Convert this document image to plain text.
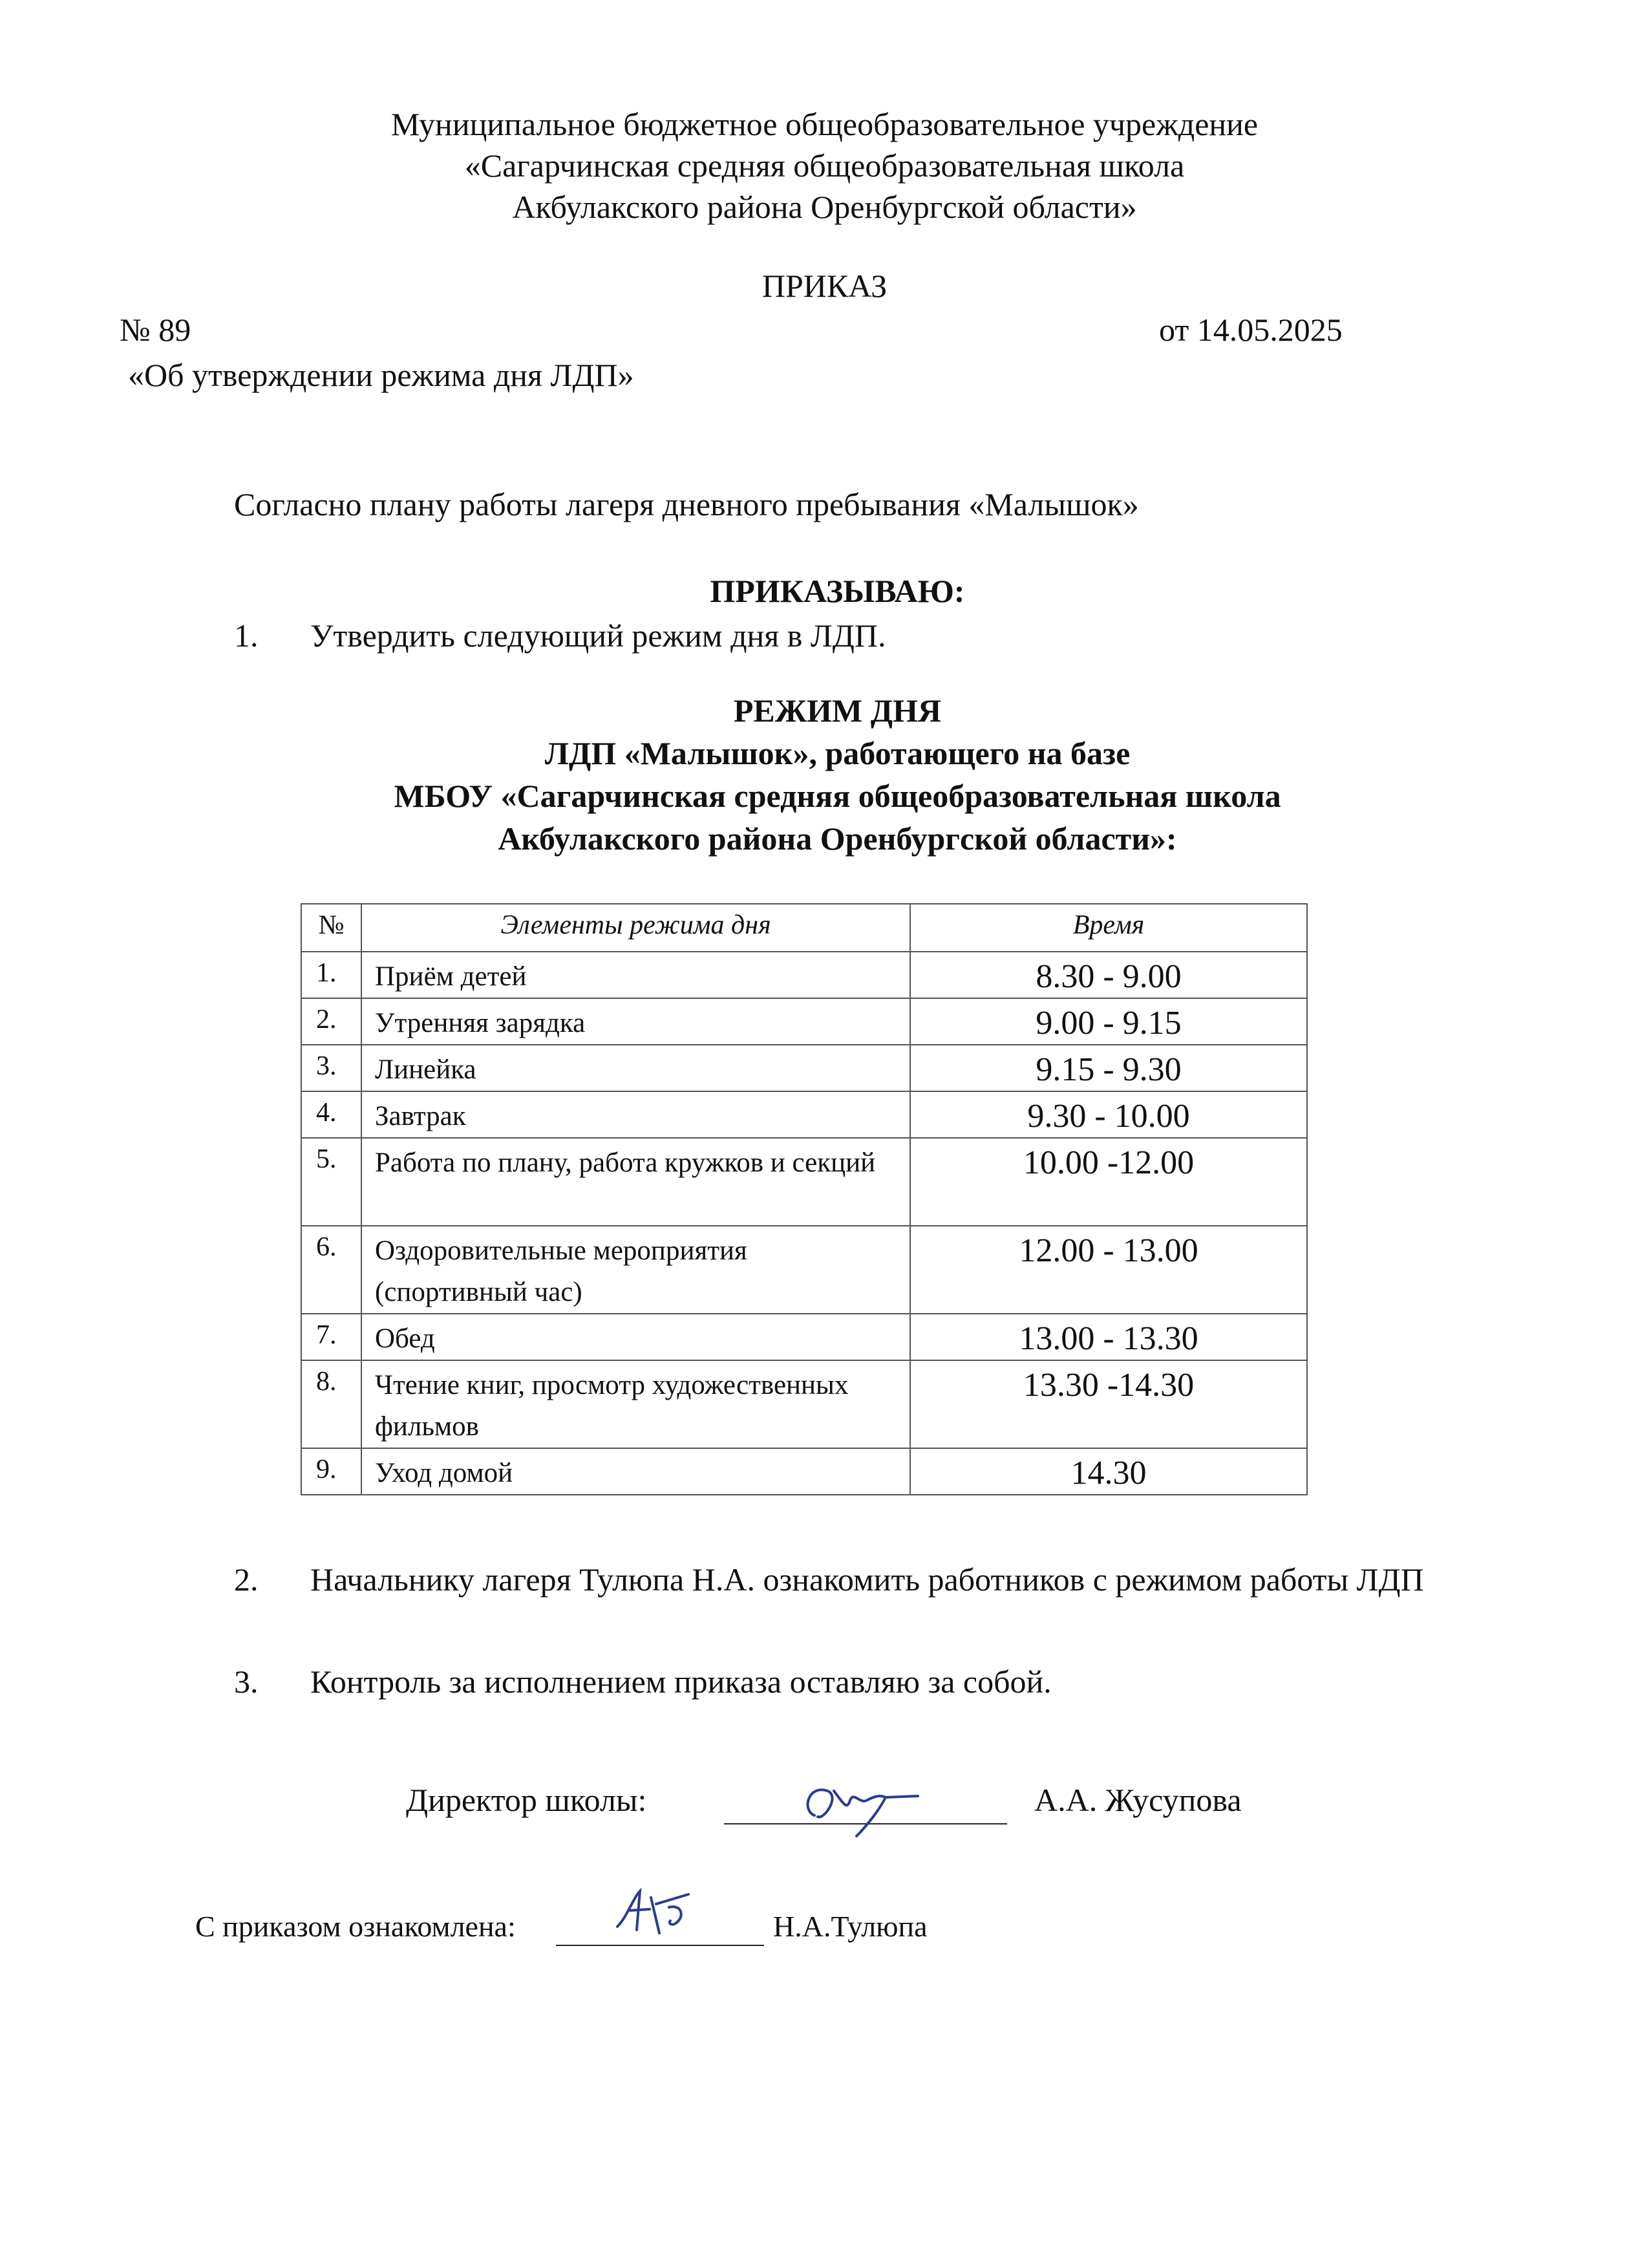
Муниципальное бюджетное общеобразовательное учреждение
«Сагарчинская средняя общеобразовательная школа
Акбулакского района Оренбургской области»
ПРИКАЗ
№ 89	от 14.05.2025
«Об утверждении режима дня ЛДП»
Согласно плану работы лагеря дневного пребывания «Малышок»
ПРИКАЗЫВАЮ:
1. Утвердить следующий режим дня в ЛДП.
РЕЖИМ ДНЯ
ЛДП «Малышок», работающего на базе
МБОУ «Сагарчинская средняя общеобразовательная школа
Акбулакского района Оренбургской области»:
№	Элементы режима дня	Время
1.	Приём детей	8.30 - 9.00
2.	Утренняя зарядка	9.00 - 9.15
3.	Линейка	9.15 - 9.30
4.	Завтрак	9.30 - 10.00
5.	Работа по плану, работа кружков и секций	10.00 -12.00
6.	Оздоровительные мероприятия (спортивный час)	12.00 - 13.00
7.	Обед	13.00 - 13.30
8.	Чтение книг, просмотр художественных фильмов	13.30 -14.30
9.	Уход домой	14.30
2. Начальнику лагеря Тулюпа Н.А. ознакомить работников с режимом работы ЛДП
3. Контроль за исполнением приказа оставляю за собой.
Директор школы:	А.А. Жусупова
С приказом ознакомлена:	Н.А.Тулюпа
